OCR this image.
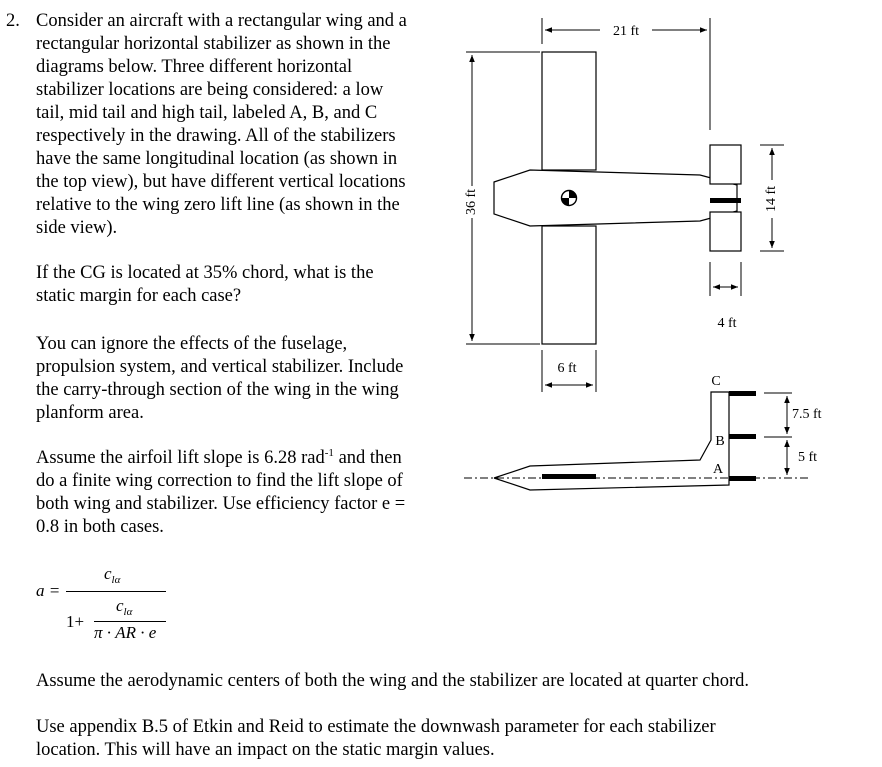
2. Consider an aircraft with a rectangular wing and a
rectangular horizontal stabilizer as shown in the
diagrams below. Three different horizontal
stabilizer locations are being considered: a low
tail, mid tail and high tail, labeled A, B, and C
respectively in the drawing. All of the stabilizers
have the same longitudinal location (as shown in
the top view), but have different vertical locations
relative to the wing zero lift line (as shown in the
side view).
If the CG is located at 35% chord, what is the
static margin for each case?
You can ignore the effects of the fuselage,
propulsion system, and vertical stabilizer. Include
the carry-through section of the wing in the wing
planform area.
Assume the airfoil lift slope is 6.28 rad$^{-1}$ and then
do a finite wing correction to find the lift slope of
both wing and stabilizer. Use efficiency factor e =
0.8 in both cases.
a =
$c_{l\alpha}$
1+
$c_{l\alpha}$
π · AR · e
Assume the aerodynamic centers of both the wing and the stabilizer are located at quarter chord.
Use appendix B.5 of Etkin and Reid to estimate the downwash parameter for each stabilizer
location. This will have an impact on the static margin values.
36 ft
21 ft
6 ft
4 ft
14 ft
C
B
A
7.5 ft
5 ft
